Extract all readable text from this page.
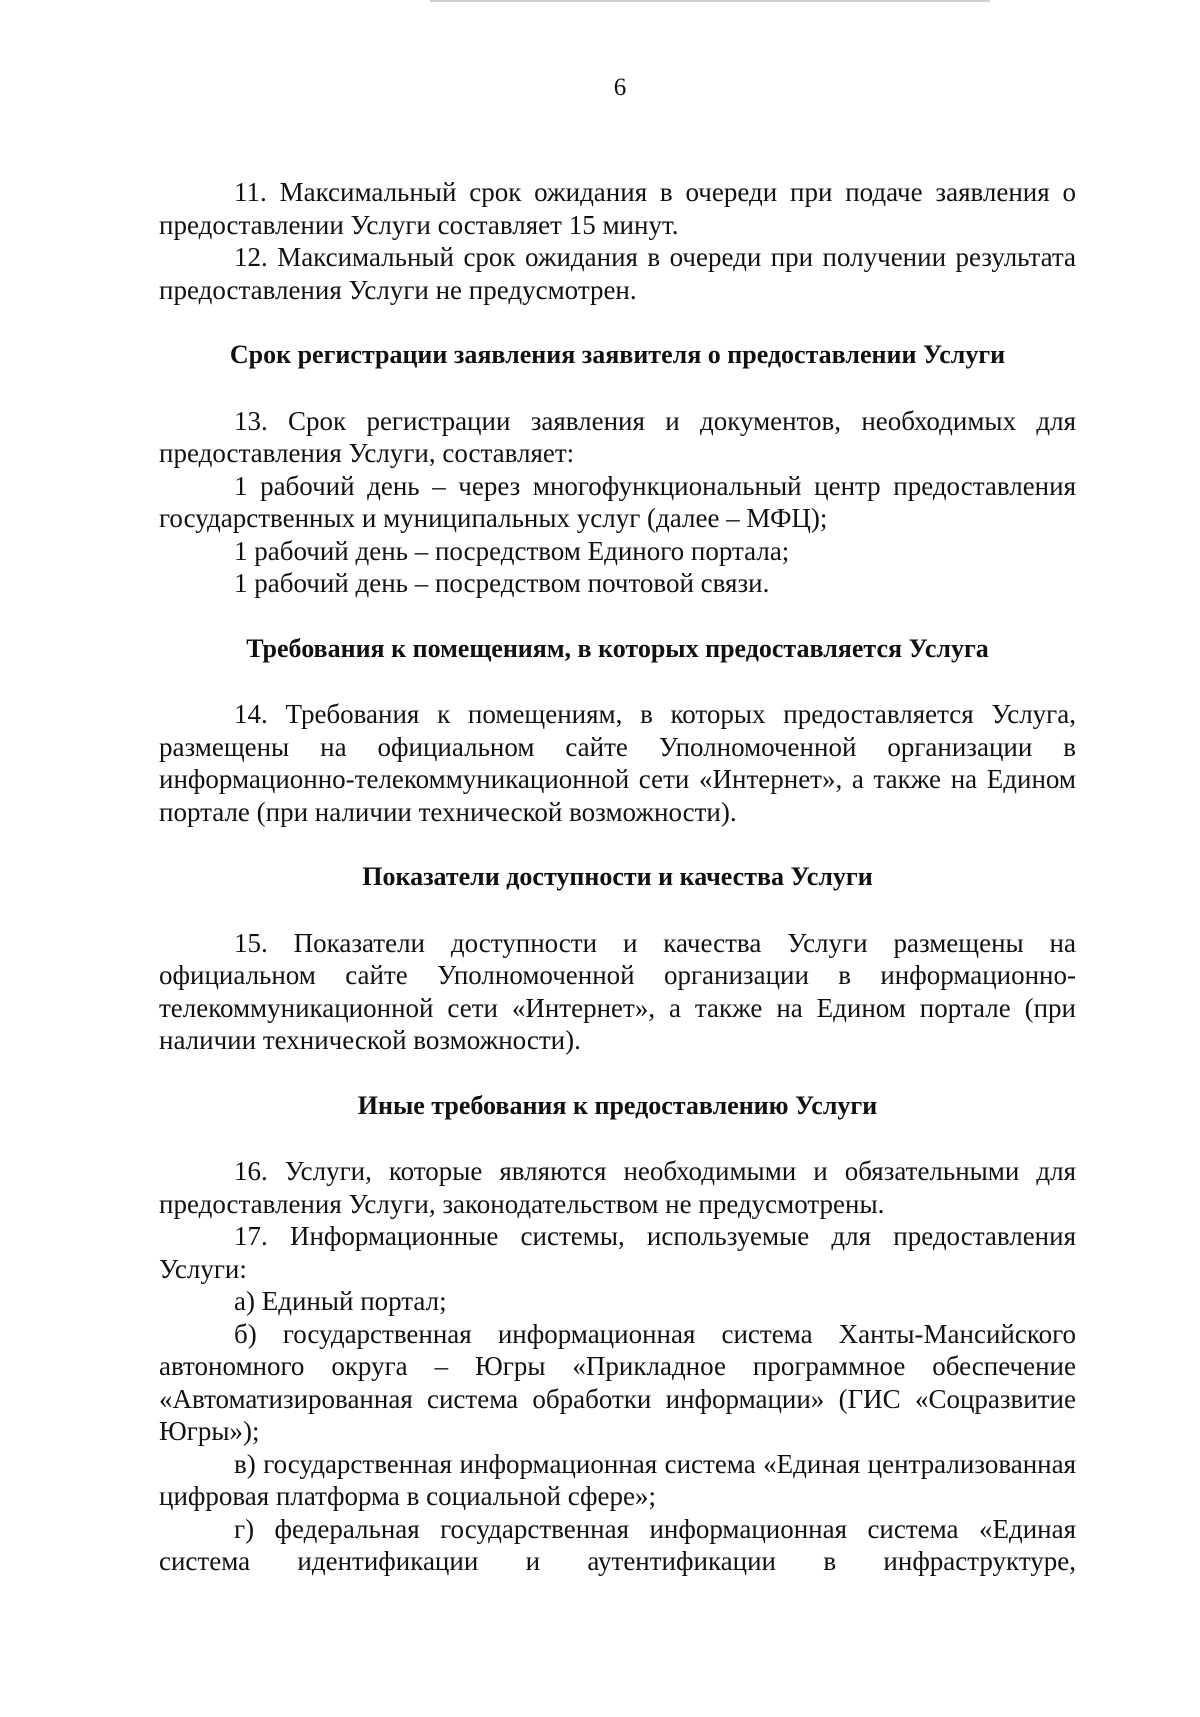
6

11. Максимальный срок ожидания в очереди при подаче заявления о предоставлении Услуги составляет 15 минут.

12. Максимальный срок ожидания в очереди при получении результата предоставления Услуги не предусмотрен.

Срок регистрации заявления заявителя о предоставлении Услуги

13. Срок регистрации заявления и документов, необходимых для предоставления Услуги, составляет:

1 рабочий день – через многофункциональный центр предоставления государственных и муниципальных услуг (далее – МФЦ);

1 рабочий день – посредством Единого портала;

1 рабочий день – посредством почтовой связи.

Требования к помещениям, в которых предоставляется Услуга

14. Требования к помещениям, в которых предоставляется Услуга, размещены на официальном сайте Уполномоченной организации в информационно-телекоммуникационной сети «Интернет», а также на Едином портале (при наличии технической возможности).

Показатели доступности и качества Услуги

15. Показатели доступности и качества Услуги размещены на официальном сайте Уполномоченной организации в информационно-телекоммуникационной сети «Интернет», а также на Едином портале (при наличии технической возможности).

Иные требования к предоставлению Услуги

16. Услуги, которые являются необходимыми и обязательными для предоставления Услуги, законодательством не предусмотрены.

17. Информационные системы, используемые для предоставления Услуги:

а) Единый портал;

б) государственная информационная система Ханты-Мансийского автономного округа – Югры «Прикладное программное обеспечение «Автоматизированная система обработки информации» (ГИС «Соцразвитие Югры»);

в) государственная информационная система «Единая централизованная цифровая платформа в социальной сфере»;

г) федеральная государственная информационная система «Единая система идентификации и аутентификации в инфраструктуре,
